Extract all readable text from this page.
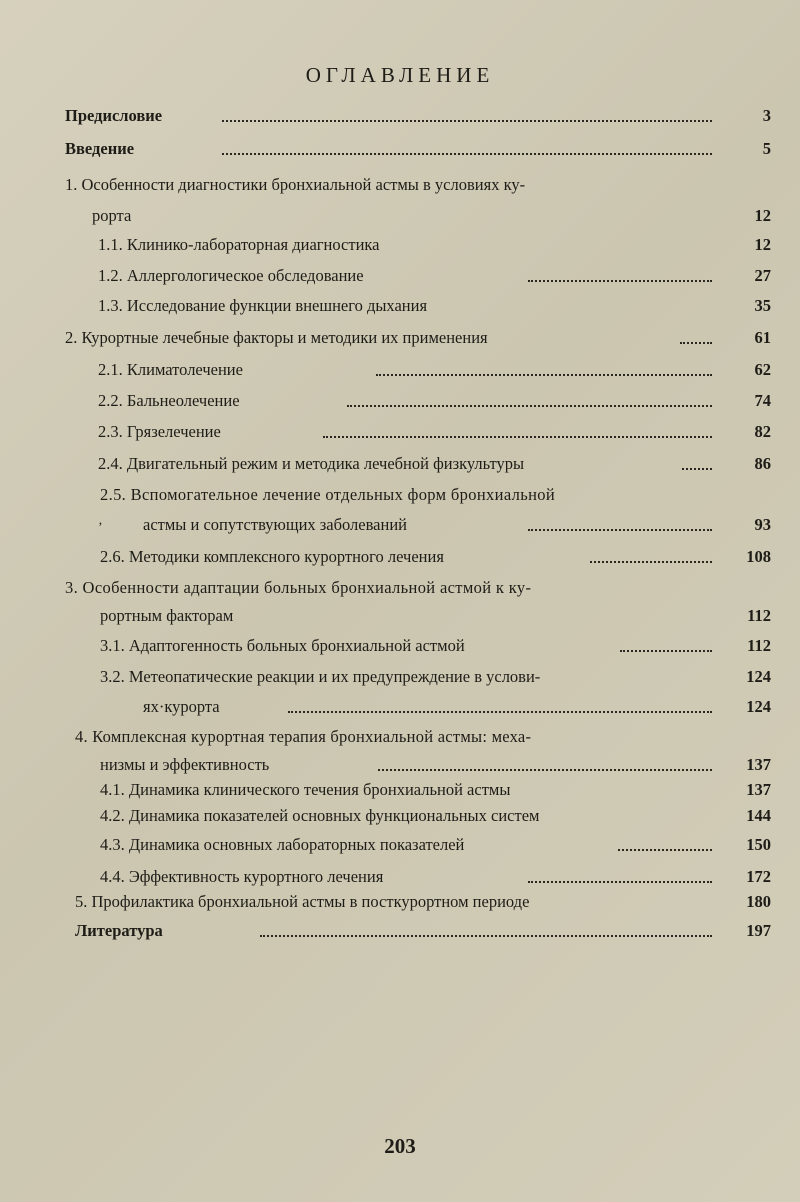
ОГЛАВЛЕНИЕ
Предисловие	3
Введение	5
1. Особенности диагностики бронхиальной астмы в условиях ку-
рорта	12
1.1. Клинико-лабораторная диагностика	12
1.2. Аллергологическое обследование	27
1.3. Исследование функции внешнего дыхания	35
2. Курортные лечебные факторы и методики их применения	61
2.1. Климатолечение	62
2.2. Бальнеолечение	74
2.3. Грязелечение	82
2.4. Двигательный режим и методика лечебной физкультуры	86
2.5. Вспомогательное лечение отдельных форм бронхиальной
астмы и сопутствующих заболеваний	93
2.6. Методики комплексного курортного лечения	108
3. Особенности адаптации больных бронхиальной астмой к ку-
рортным факторам	112
3.1. Адаптогенность больных бронхиальной астмой	112
3.2. Метеопатические реакции и их предупреждение в услови-	124
ях·курорта	124
4. Комплексная курортная терапия бронхиальной астмы: меха-
низмы и эффективность	137
4.1. Динамика клинического течения бронхиальной астмы	137
4.2. Динамика показателей основных функциональных систем	144
4.3. Динамика основных лабораторных показателей	150
4.4. Эффективность курортного лечения	172
5. Профилактика бронхиальной астмы в посткурортном периоде	180
Литература	197
‚
203
